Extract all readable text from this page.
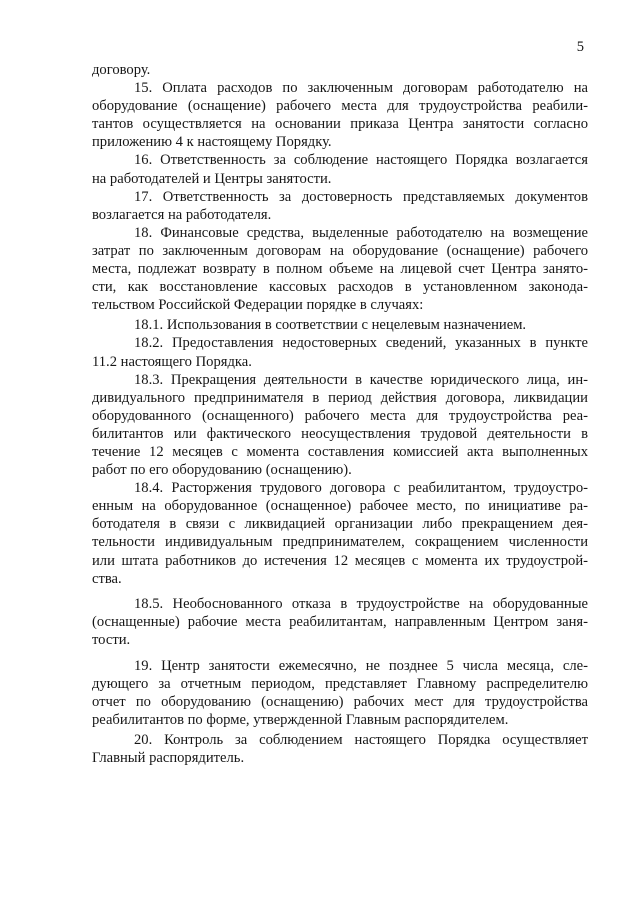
5
договору.
15. Оплата расходов по заключенным договорам работодателю на
оборудование (оснащение) рабочего места для трудоустройства реабили-
тантов осуществляется на основании приказа Центра занятости согласно
приложению 4 к настоящему Порядку.
16. Ответственность за соблюдение настоящего Порядка возлагается
на работодателей и Центры занятости.
17. Ответственность за достоверность представляемых документов
возлагается на работодателя.
18. Финансовые средства, выделенные работодателю на возмещение
затрат по заключенным договорам на оборудование (оснащение) рабочего
места, подлежат возврату в полном объеме на лицевой счет Центра занято-
сти, как восстановление кассовых расходов в установленном законода-
тельством Российской Федерации порядке в случаях:
18.1. Использования в соответствии с нецелевым назначением.
18.2. Предоставления недостоверных сведений, указанных в пункте
11.2 настоящего Порядка.
18.3. Прекращения деятельности в качестве юридического лица, ин-
дивидуального предпринимателя в период действия договора, ликвидации
оборудованного (оснащенного) рабочего места для трудоустройства реа-
билитантов или фактического неосуществления трудовой деятельности в
течение 12 месяцев с момента составления комиссией акта выполненных
работ по его оборудованию (оснащению).
18.4. Расторжения трудового договора с реабилитантом, трудоустро-
енным на оборудованное (оснащенное) рабочее место, по инициативе ра-
ботодателя в связи с ликвидацией организации либо прекращением дея-
тельности индивидуальным предпринимателем, сокращением численности
или штата работников до истечения 12 месяцев с момента их трудоустрой-
ства.
18.5. Необоснованного отказа в трудоустройстве на оборудованные
(оснащенные) рабочие места реабилитантам, направленным Центром заня-
тости.
19. Центр занятости ежемесячно, не позднее 5 числа месяца, сле-
дующего за отчетным периодом, представляет Главному распределителю
отчет по оборудованию (оснащению) рабочих мест для трудоустройства
реабилитантов по форме, утвержденной Главным распорядителем.
20. Контроль за соблюдением настоящего Порядка осуществляет
Главный распорядитель.
